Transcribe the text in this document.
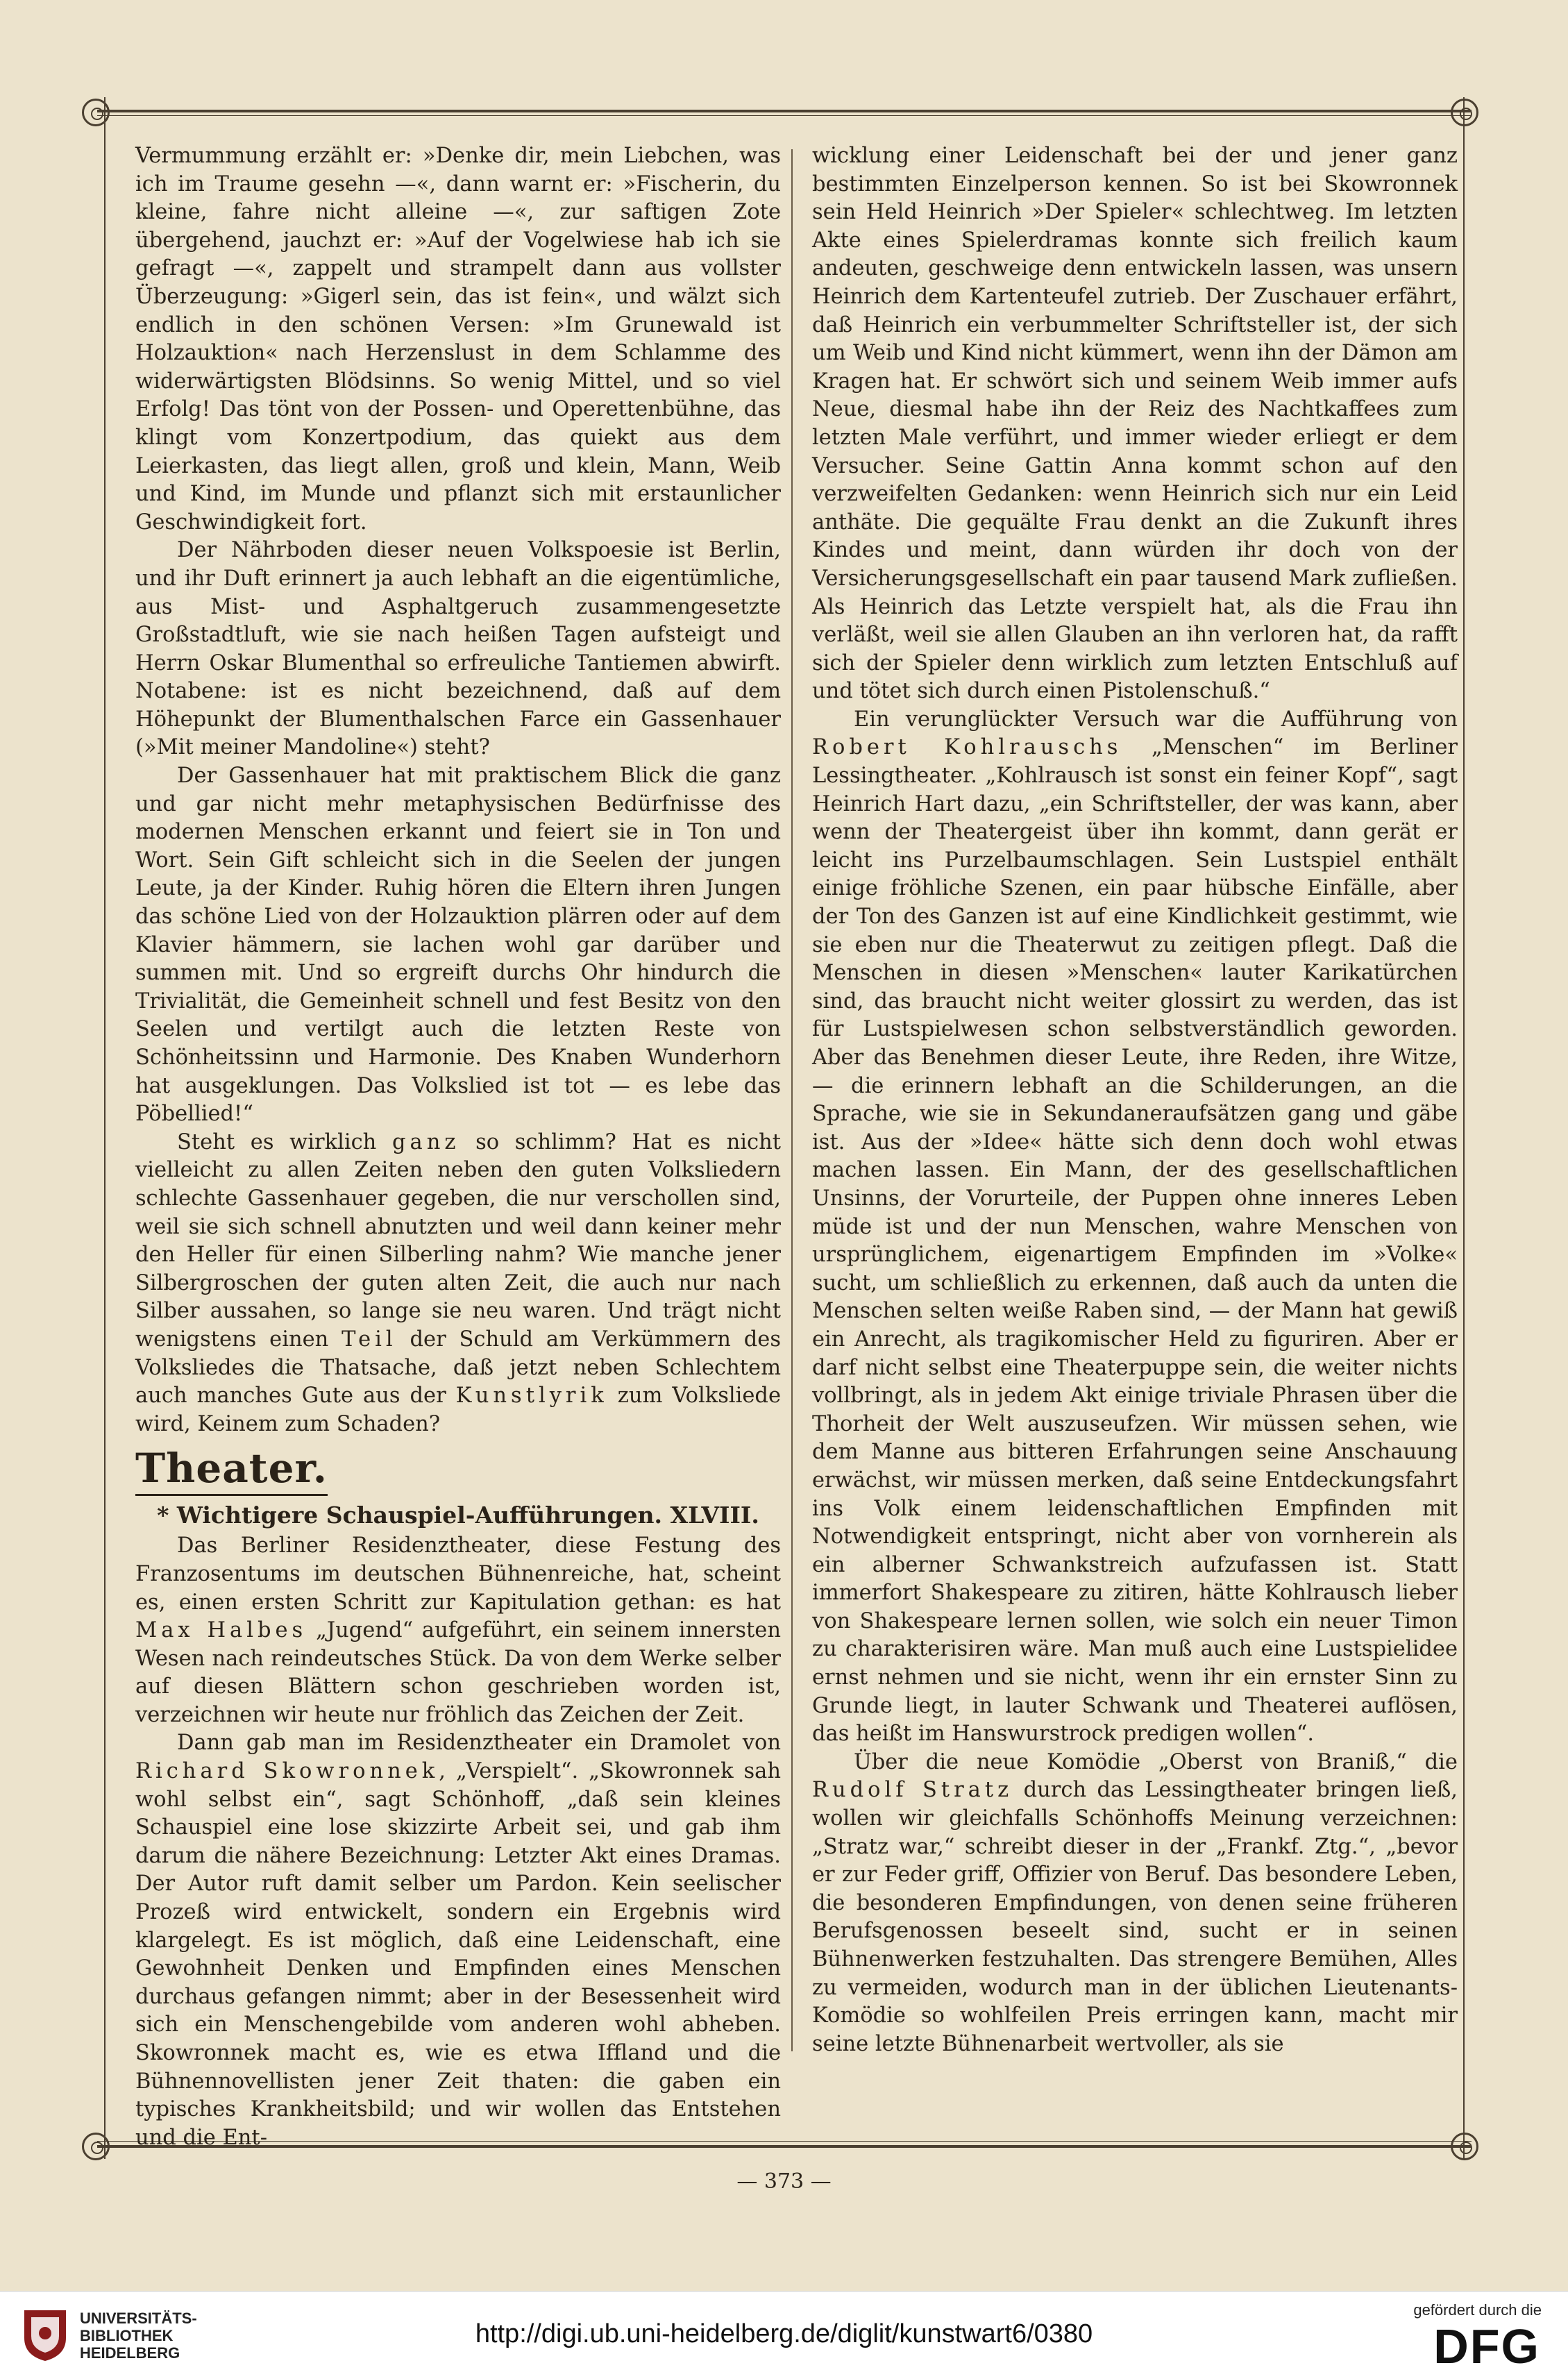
Vermummung erzählt er: »Denke dir, mein Liebchen, was ich im Traume gesehn —«, dann warnt er: »Fischerin, du kleine, fahre nicht alleine —«, zur saftigen Zote übergehend, jauchzt er: »Auf der Vogelwiese hab ich sie gefragt —«, zappelt und strampelt dann aus vollster Überzeugung: »Gigerl sein, das ist fein«, und wälzt sich endlich in den schönen Versen: »Im Grunewald ist Holzauktion« nach Herzenslust in dem Schlamme des widerwärtigsten Blödsinns. So wenig Mittel, und so viel Erfolg! Das tönt von der Possen- und Operettenbühne, das klingt vom Konzertpodium, das quiekt aus dem Leierkasten, das liegt allen, groß und klein, Mann, Weib und Kind, im Munde und pflanzt sich mit erstaunlicher Geschwindigkeit fort.

Der Nährboden dieser neuen Volkspoesie ist Berlin, und ihr Duft erinnert ja auch lebhaft an die eigentümliche, aus Mist- und Asphaltgeruch zusammengesetzte Großstadtluft, wie sie nach heißen Tagen aufsteigt und Herrn Oskar Blumenthal so erfreuliche Tantiemen abwirft. Notabene: ist es nicht bezeichnend, daß auf dem Höhepunkt der Blumenthalschen Farce ein Gassenhauer (»Mit meiner Mandoline«) steht?

Der Gassenhauer hat mit praktischem Blick die ganz und gar nicht mehr metaphysischen Bedürfnisse des modernen Menschen erkannt und feiert sie in Ton und Wort. Sein Gift schleicht sich in die Seelen der jungen Leute, ja der Kinder. Ruhig hören die Eltern ihren Jungen das schöne Lied von der Holzauktion plärren oder auf dem Klavier hämmern, sie lachen wohl gar darüber und summen mit. Und so ergreift durchs Ohr hindurch die Trivialität, die Gemeinheit schnell und fest Besitz von den Seelen und vertilgt auch die letzten Reste von Schönheitssinn und Harmonie. Des Knaben Wunderhorn hat ausgeklungen. Das Volkslied ist tot — es lebe das Pöbellied!“

Steht es wirklich ganz so schlimm? Hat es nicht vielleicht zu allen Zeiten neben den guten Volksliedern schlechte Gassenhauer gegeben, die nur verschollen sind, weil sie sich schnell abnutzten und weil dann keiner mehr den Heller für einen Silberling nahm? Wie manche jener Silbergroschen der guten alten Zeit, die auch nur nach Silber aussahen, so lange sie neu waren. Und trägt nicht wenigstens einen Teil der Schuld am Verkümmern des Volksliedes die Thatsache, daß jetzt neben Schlechtem auch manches Gute aus der Kunstlyrik zum Volksliede wird, Keinem zum Schaden?

Theater.
* Wichtigere Schauspiel-Aufführungen. XLVIII.

Das Berliner Residenztheater, diese Festung des Franzosentums im deutschen Bühnenreiche, hat, scheint es, einen ersten Schritt zur Kapitulation gethan: es hat Max Halbes „Jugend“ aufgeführt, ein seinem innersten Wesen nach reindeutsches Stück. Da von dem Werke selber auf diesen Blättern schon geschrieben worden ist, verzeichnen wir heute nur fröhlich das Zeichen der Zeit.

Dann gab man im Residenztheater ein Dramolet von Richard Skowronnek, „Verspielt“. „Skowronnek sah wohl selbst ein“, sagt Schönhoff, „daß sein kleines Schauspiel eine lose skizzirte Arbeit sei, und gab ihm darum die nähere Bezeichnung: Letzter Akt eines Dramas. Der Autor ruft damit selber um Pardon. Kein seelischer Prozeß wird entwickelt, sondern ein Ergebnis wird klargelegt. Es ist möglich, daß eine Leidenschaft, eine Gewohnheit Denken und Empfinden eines Menschen durchaus gefangen nimmt; aber in der Besessenheit wird sich ein Menschengebilde vom anderen wohl abheben. Skowronnek macht es, wie es etwa Iffland und die Bühnennovellisten jener Zeit thaten: die gaben ein typisches Krankheitsbild; und wir wollen das Entstehen und die Ent-

wicklung einer Leidenschaft bei der und jener ganz bestimmten Einzelperson kennen. So ist bei Skowronnek sein Held Heinrich »Der Spieler« schlechtweg. Im letzten Akte eines Spielerdramas konnte sich freilich kaum andeuten, geschweige denn entwickeln lassen, was unsern Heinrich dem Kartenteufel zutrieb. Der Zuschauer erfährt, daß Heinrich ein verbummelter Schriftsteller ist, der sich um Weib und Kind nicht kümmert, wenn ihn der Dämon am Kragen hat. Er schwört sich und seinem Weib immer aufs Neue, diesmal habe ihn der Reiz des Nachtkaffees zum letzten Male verführt, und immer wieder erliegt er dem Versucher. Seine Gattin Anna kommt schon auf den verzweifelten Gedanken: wenn Heinrich sich nur ein Leid anthäte. Die gequälte Frau denkt an die Zukunft ihres Kindes und meint, dann würden ihr doch von der Versicherungsgesellschaft ein paar tausend Mark zufließen. Als Heinrich das Letzte verspielt hat, als die Frau ihn verläßt, weil sie allen Glauben an ihn verloren hat, da rafft sich der Spieler denn wirklich zum letzten Entschluß auf und tötet sich durch einen Pistolenschuß.“

Ein verunglückter Versuch war die Aufführung von Robert Kohlrauschs „Menschen“ im Berliner Lessingtheater. „Kohlrausch ist sonst ein feiner Kopf“, sagt Heinrich Hart dazu, „ein Schriftsteller, der was kann, aber wenn der Theatergeist über ihn kommt, dann gerät er leicht ins Purzelbaumschlagen. Sein Lustspiel enthält einige fröhliche Szenen, ein paar hübsche Einfälle, aber der Ton des Ganzen ist auf eine Kindlichkeit gestimmt, wie sie eben nur die Theaterwut zu zeitigen pflegt. Daß die Menschen in diesen »Menschen« lauter Karikatürchen sind, das braucht nicht weiter glossirt zu werden, das ist für Lustspielwesen schon selbstverständlich geworden. Aber das Benehmen dieser Leute, ihre Reden, ihre Witze, — die erinnern lebhaft an die Schilderungen, an die Sprache, wie sie in Sekundaneraufsätzen gang und gäbe ist. Aus der »Idee« hätte sich denn doch wohl etwas machen lassen. Ein Mann, der des gesellschaftlichen Unsinns, der Vorurteile, der Puppen ohne inneres Leben müde ist und der nun Menschen, wahre Menschen von ursprünglichem, eigenartigem Empfinden im »Volke« sucht, um schließlich zu erkennen, daß auch da unten die Menschen selten weiße Raben sind, — der Mann hat gewiß ein Anrecht, als tragikomischer Held zu figuriren. Aber er darf nicht selbst eine Theaterpuppe sein, die weiter nichts vollbringt, als in jedem Akt einige triviale Phrasen über die Thorheit der Welt auszuseufzen. Wir müssen sehen, wie dem Manne aus bitteren Erfahrungen seine Anschauung erwächst, wir müssen merken, daß seine Entdeckungsfahrt ins Volk einem leidenschaftlichen Empfinden mit Notwendigkeit entspringt, nicht aber von vornherein als ein alberner Schwankstreich aufzufassen ist. Statt immerfort Shakespeare zu zitiren, hätte Kohlrausch lieber von Shakespeare lernen sollen, wie solch ein neuer Timon zu charakterisiren wäre. Man muß auch eine Lustspielidee ernst nehmen und sie nicht, wenn ihr ein ernster Sinn zu Grunde liegt, in lauter Schwank und Theaterei auflösen, das heißt im Hanswurstrock predigen wollen“.

Über die neue Komödie „Oberst von Braniß,“ die Rudolf Stratz durch das Lessingtheater bringen ließ, wollen wir gleichfalls Schönhoffs Meinung verzeichnen: „Stratz war,“ schreibt dieser in der „Frankf. Ztg.“, „bevor er zur Feder griff, Offizier von Beruf. Das besondere Leben, die besonderen Empfindungen, von denen seine früheren Berufsgenossen beseelt sind, sucht er in seinen Bühnenwerken festzuhalten. Das strengere Bemühen, Alles zu vermeiden, wodurch man in der üblichen Lieutenants-Komödie so wohlfeilen Preis erringen kann, macht mir seine letzte Bühnenarbeit wertvoller, als sie

— 373 —
UNIVERSITÄTS-
BIBLIOTHEK
HEIDELBERG
http://digi.ub.uni-heidelberg.de/diglit/kunstwart6/0380
gefördert durch die
DFG
